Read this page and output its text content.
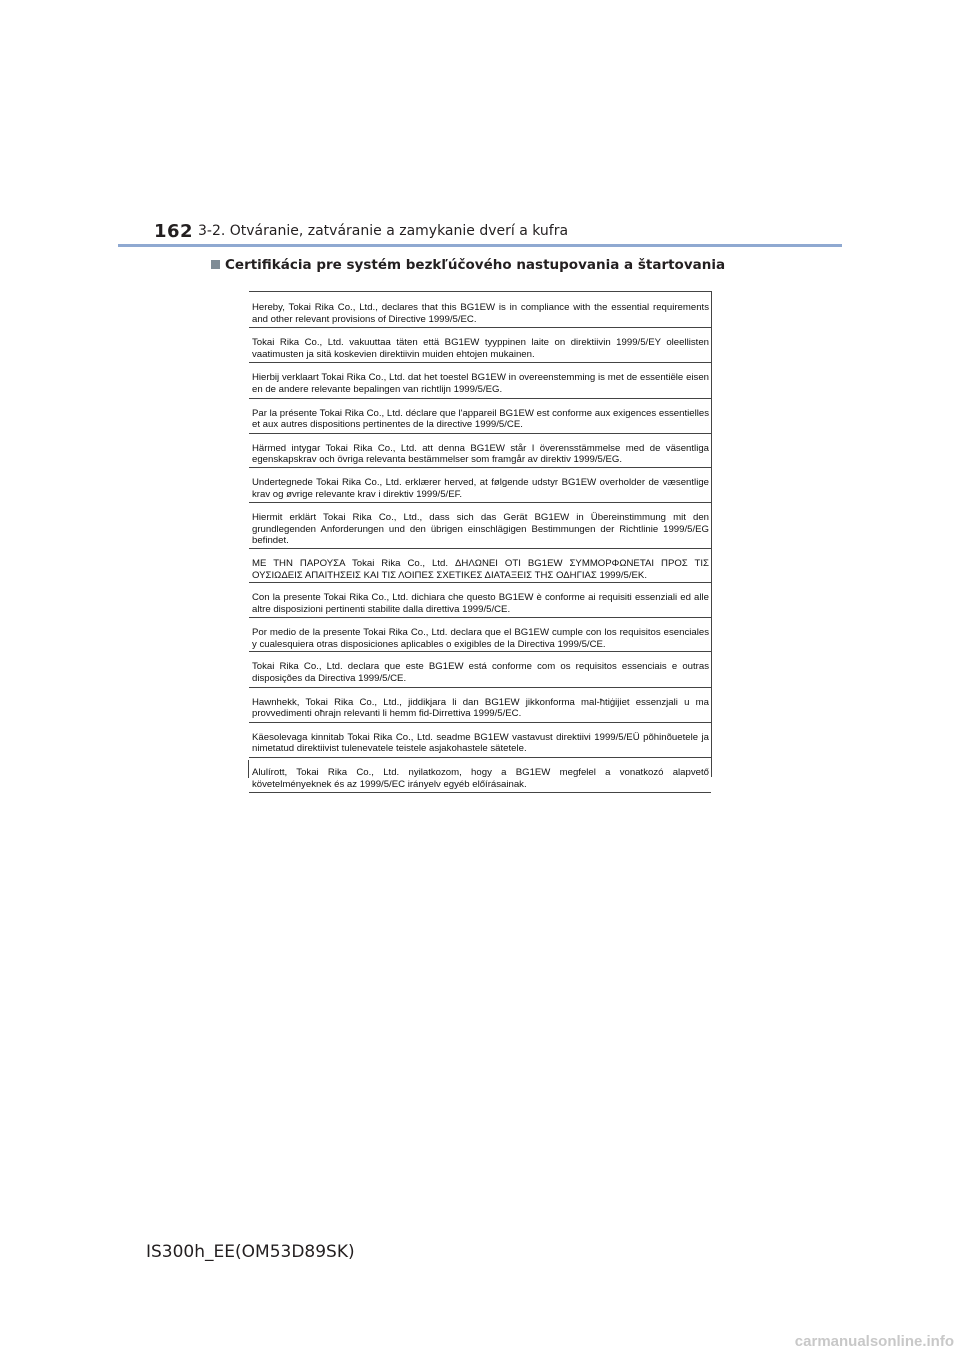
162 3-2. Otváranie, zatváranie a zamykanie dverí a kufra
Certifikácia pre systém bezkľúčového nastupovania a štartovania
Hereby, Tokai Rika Co., Ltd., declares that this BG1EW is in compliance with the essential requirements and other relevant provisions of Directive 1999/5/EC.
Tokai Rika Co., Ltd. vakuuttaa täten että BG1EW tyyppinen laite on direktiivin 1999/5/EY oleellisten vaatimusten ja sitä koskevien direktiivin muiden ehtojen mukainen.
Hierbij verklaart Tokai Rika Co., Ltd. dat het toestel BG1EW in overeenstemming is met de essentiële eisen en de andere relevante bepalingen van richtlijn 1999/5/EG.
Par la présente Tokai Rika Co., Ltd. déclare que l'appareil BG1EW est conforme aux exigences essentielles et aux autres dispositions pertinentes de la directive 1999/5/CE.
Härmed intygar Tokai Rika Co., Ltd. att denna BG1EW står I överensstämmelse med de väsentliga egenskapskrav och övriga relevanta bestämmelser som framgår av direktiv 1999/5/EG.
Undertegnede Tokai Rika Co., Ltd. erklærer herved, at følgende udstyr BG1EW overholder de væsentlige krav og øvrige relevante krav i direktiv 1999/5/EF.
Hiermit erklärt Tokai Rika Co., Ltd., dass sich das Gerät BG1EW in Übereinstimmung mit den grundlegenden Anforderungen und den übrigen einschlägigen Bestimmungen der Richtlinie 1999/5/EG befindet.
ΜΕ ΤΗΝ ΠΑΡΟΥΣΑ Tokai Rika Co., Ltd. ΔΗΛΩΝΕΙ ΟΤΙ BG1EW ΣΥΜΜΟΡΦΩΝΕΤΑΙ ΠΡΟΣ ΤΙΣ ΟΥΣΙΩΔΕΙΣ ΑΠΑΙΤΗΣΕΙΣ ΚΑΙ ΤΙΣ ΛΟΙΠΕΣ ΣΧΕΤΙΚΕΣ ΔΙΑΤΑΞΕΙΣ ΤΗΣ ΟΔΗΓΙΑΣ 1999/5/ΕΚ.
Con la presente Tokai Rika Co., Ltd. dichiara che questo BG1EW è conforme ai requisiti essenziali ed alle altre disposizioni pertinenti stabilite dalla direttiva 1999/5/CE.
Por medio de la presente Tokai Rika Co., Ltd. declara que el BG1EW cumple con los requisitos esenciales y cualesquiera otras disposiciones aplicables o exigibles de la Directiva 1999/5/CE.
Tokai Rika Co., Ltd. declara que este BG1EW está conforme com os requisitos essenciais e outras disposições da Directiva 1999/5/CE.
Hawnhekk, Tokai Rika Co., Ltd., jiddikjara li dan BG1EW jikkonforma mal-ħtiġijiet essenzjali u ma provvedimenti oħrajn relevanti li hemm fid-Dirrettiva 1999/5/EC.
Käesolevaga kinnitab Tokai Rika Co., Ltd. seadme BG1EW vastavust direktiivi 1999/5/EÜ põhinõuetele ja nimetatud direktiivist tulenevatele teistele asjakohastele sätetele.
Alulírott, Tokai Rika Co., Ltd. nyilatkozom, hogy a BG1EW megfelel a vonatkozó alapvető követelményeknek és az 1999/5/EC irányelv egyéb előírásainak.
IS300h_EE(OM53D89SK)
carmanualsonline.info
